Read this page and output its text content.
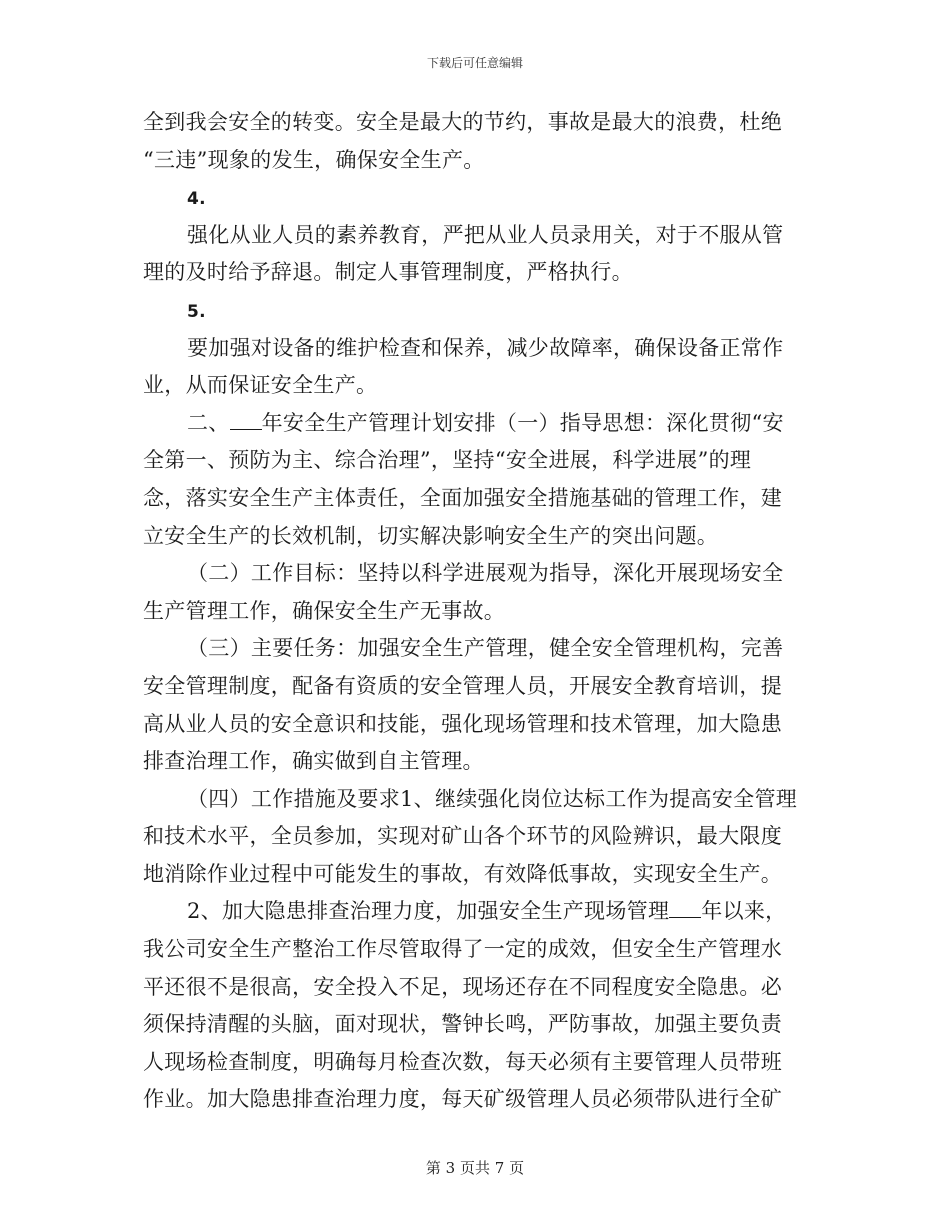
下载后可任意编辑
全到我会安全的转变。安全是最大的节约，事故是最大的浪费，杜绝
“三违”现象的发生，确保安全生产。
4.
强化从业人员的素养教育，严把从业人员录用关，对于不服从管
理的及时给予辞退。制定人事管理制度，严格执行。
5.
要加强对设备的维护检查和保养，减少故障率，确保设备正常作
业，从而保证安全生产。
二、 年安全生产管理计划安排（一）指导思想：深化贯彻“安
全第一、预防为主、综合治理”，坚持“安全进展，科学进展”的理
念，落实安全生产主体责任，全面加强安全措施基础的管理工作，建
立安全生产的长效机制，切实解决影响安全生产的突出问题。
（二）工作目标：坚持以科学进展观为指导，深化开展现场安全
生产管理工作，确保安全生产无事故。
（三）主要任务：加强安全生产管理，健全安全管理机构，完善
安全管理制度，配备有资质的安全管理人员，开展安全教育培训，提
高从业人员的安全意识和技能，强化现场管理和技术管理，加大隐患
排查治理工作，确实做到自主管理。
（四）工作措施及要求1、继续强化岗位达标工作为提高安全管理
和技术水平，全员参加，实现对矿山各个环节的风险辨识，最大限度
地消除作业过程中可能发生的事故，有效降低事故，实现安全生产。
2、加大隐患排查治理力度，加强安全生产现场管理 年以来，
我公司安全生产整治工作尽管取得了一定的成效，但安全生产管理水
平还很不是很高，安全投入不足，现场还存在不同程度安全隐患。必
须保持清醒的头脑，面对现状，警钟长鸣，严防事故，加强主要负责
人现场检查制度，明确每月检查次数，每天必须有主要管理人员带班
作业。加大隐患排查治理力度，每天矿级管理人员必须带队进行全矿
第 3 页共 7 页
